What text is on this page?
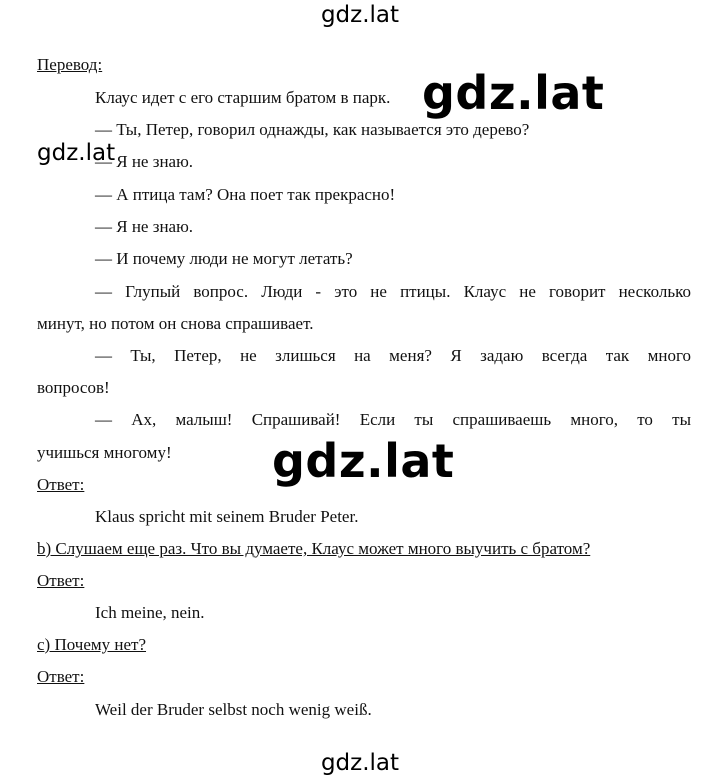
gdz.lat
gdz.lat
gdz.lat
gdz.lat
gdz.lat
Перевод:
Клаус идет с его старшим братом в парк.
— Ты, Петер, говорил однажды, как называется это дерево?
— Я не знаю.
— А птица там? Она поет так прекрасно!
— Я не знаю.
— И почему люди не могут летать?
— Глупый вопрос. Люди - это не птицы. Клаус не говорит несколько
минут, но потом он снова спрашивает.
— Ты, Петер, не злишься на меня? Я задаю всегда так много
вопросов!
— Ах, малыш! Спрашивай! Если ты спрашиваешь много, то ты
учишься многому!
Ответ:
Klaus spricht mit seinem Bruder Peter.
b) Слушаем еще раз. Что вы думаете, Клаус может много выучить с братом?
Ответ:
Ich meine, nein.
c) Почему нет?
Ответ:
Weil der Bruder selbst noch wenig weiß.
